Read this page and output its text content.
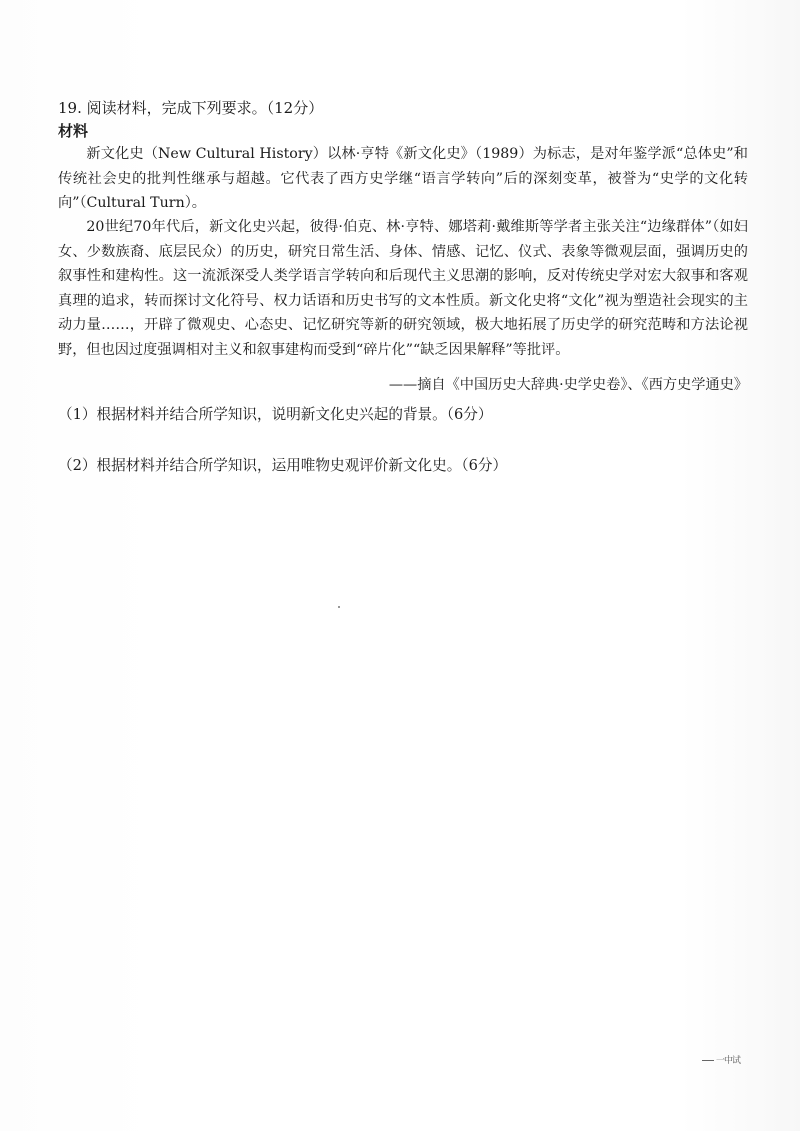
19. 阅读材料，完成下列要求。（12分）
材料

新文化史（New Cultural History）以林·亨特《新文化史》（1989）为标志，是对年鉴学派“总体史”和传统社会史的批判性继承与超越。它代表了西方史学继“语言学转向”后的深刻变革，被誉为“史学的文化转向”（Cultural Turn）。

20世纪70年代后，新文化史兴起，彼得·伯克、林·亨特、娜塔莉·戴维斯等学者主张关注“边缘群体”（如妇女、少数族裔、底层民众）的历史，研究日常生活、身体、情感、记忆、仪式、表象等微观层面，强调历史的叙事性和建构性。这一流派深受人类学语言学转向和后现代主义思潮的影响，反对传统史学对宏大叙事和客观真理的追求，转而探讨文化符号、权力话语和历史书写的文本性质。新文化史将“文化”视为塑造社会现实的主动力量……，开辟了微观史、心态史、记忆研究等新的研究领域，极大地拓展了历史学的研究范畴和方法论视野，但也因过度强调相对主义和叙事建构而受到“碎片化”“缺乏因果解释”等批评。

——摘自《中国历史大辞典·史学史卷》、《西方史学通史》
（1）根据材料并结合所学知识，说明新文化史兴起的背景。（6分）
（2）根据材料并结合所学知识，运用唯物史观评价新文化史。（6分）
一中试
